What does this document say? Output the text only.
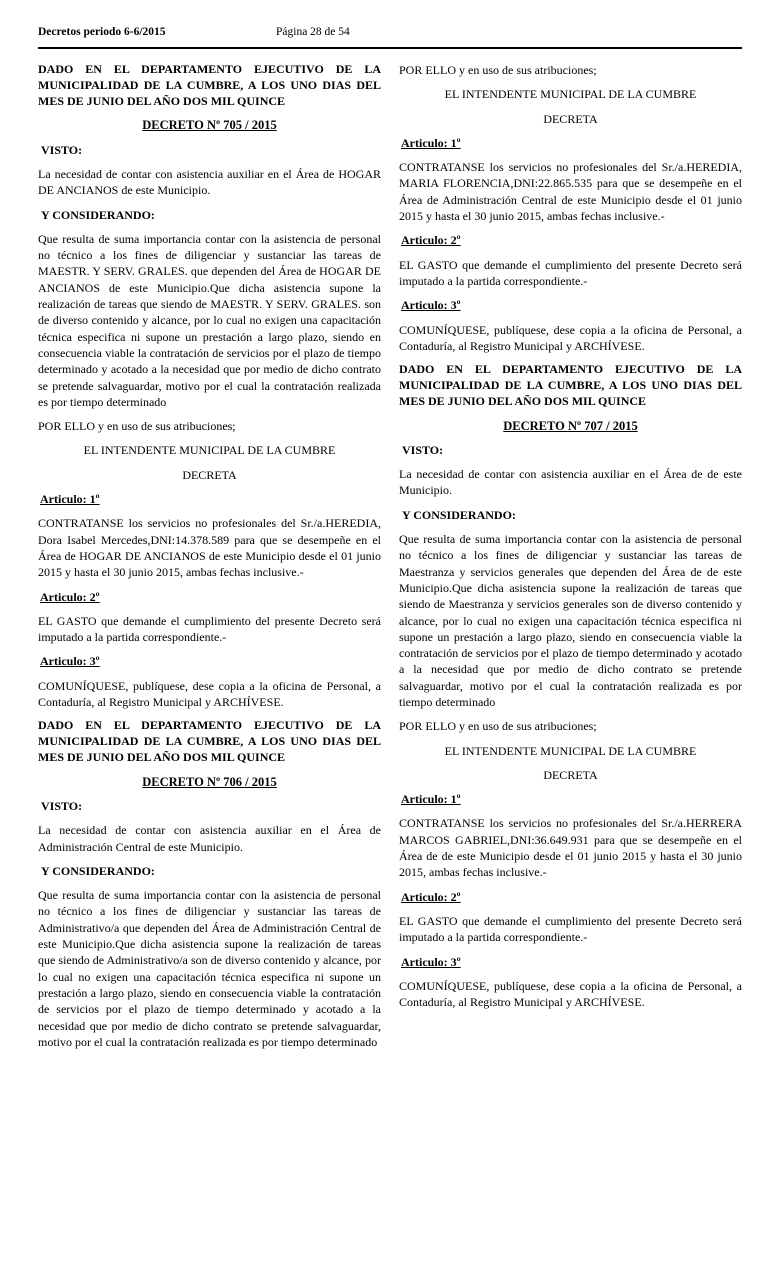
Decretos periodo 6-6/2015	Página 28 de 54

DADO EN EL DEPARTAMENTO EJECUTIVO DE LA MUNICIPALIDAD DE LA CUMBRE, A LOS UNO DIAS DEL MES DE JUNIO DEL AÑO DOS MIL QUINCE

DECRETO Nº 705 / 2015

VISTO:

La necesidad de contar con asistencia auxiliar en el Área de HOGAR DE ANCIANOS de este Municipio.

Y CONSIDERANDO:

Que resulta de suma importancia contar con la asistencia de personal no técnico a los fines de diligenciar y sustanciar las tareas de MAESTR. Y SERV. GRALES. que dependen del Área de HOGAR DE ANCIANOS de este Municipio.Que dicha asistencia supone la realización de tareas que siendo de MAESTR. Y SERV. GRALES. son de diverso contenido y alcance, por lo cual no exigen una capacitación técnica especifica ni supone un prestación a largo plazo, siendo en consecuencia viable la contratación de servicios por el plazo de tiempo determinado y acotado a la necesidad que por medio de dicho contrato se pretende salvaguardar, motivo por el cual la contratación realizada es por tiempo determinado

POR ELLO y en uso de sus atribuciones;

EL INTENDENTE MUNICIPAL DE LA CUMBRE

DECRETA

Articulo: 1º

CONTRATANSE los servicios no profesionales del Sr./a.HEREDIA, Dora Isabel Mercedes,DNI:14.378.589 para que se desempeñe en el Área de HOGAR DE ANCIANOS de este Municipio desde el 01 junio 2015 y hasta el 30 junio 2015, ambas fechas inclusive.-

Articulo: 2º

EL GASTO que demande el cumplimiento del presente Decreto será imputado a la partida correspondiente.-

Articulo: 3º

COMUNÍQUESE, publíquese, dese copia a la oficina de Personal, a Contaduría, al Registro Municipal y ARCHÍVESE.

DADO EN EL DEPARTAMENTO EJECUTIVO DE LA MUNICIPALIDAD DE LA CUMBRE, A LOS UNO DIAS DEL MES DE JUNIO DEL AÑO DOS MIL QUINCE

DECRETO Nº 706 / 2015

VISTO:

La necesidad de contar con asistencia auxiliar en el Área de Administración Central de este Municipio.

Y CONSIDERANDO:

Que resulta de suma importancia contar con la asistencia de personal no técnico a los fines de diligenciar y sustanciar las tareas de Administrativo/a que dependen del Área de Administración Central de este Municipio.Que dicha asistencia supone la realización de tareas que siendo de Administrativo/a son de diverso contenido y alcance, por lo cual no exigen una capacitación técnica especifica ni supone un prestación a largo plazo, siendo en consecuencia viable la contratación de servicios por el plazo de tiempo determinado y acotado a la necesidad que por medio de dicho contrato se pretende salvaguardar, motivo por el cual la contratación realizada es por tiempo determinado

POR ELLO y en uso de sus atribuciones;

EL INTENDENTE MUNICIPAL DE LA CUMBRE

DECRETA

Articulo: 1º

CONTRATANSE los servicios no profesionales del Sr./a.HEREDIA, MARIA FLORENCIA,DNI:22.865.535 para que se desempeñe en el Área de Administración Central de este Municipio desde el 01 junio 2015 y hasta el 30 junio 2015, ambas fechas inclusive.-

Articulo: 2º

EL GASTO que demande el cumplimiento del presente Decreto será imputado a la partida correspondiente.-

Articulo: 3º

COMUNÍQUESE, publíquese, dese copia a la oficina de Personal, a Contaduría, al Registro Municipal y ARCHÍVESE.

DADO EN EL DEPARTAMENTO EJECUTIVO DE LA MUNICIPALIDAD DE LA CUMBRE, A LOS UNO DIAS DEL MES DE JUNIO DEL AÑO DOS MIL QUINCE

DECRETO Nº 707 / 2015

VISTO:

La necesidad de contar con asistencia auxiliar en el Área de de este Municipio.

Y CONSIDERANDO:

Que resulta de suma importancia contar con la asistencia de personal no técnico a los fines de diligenciar y sustanciar las tareas de Maestranza y servicios generales que dependen del Área de de este Municipio.Que dicha asistencia supone la realización de tareas que siendo de Maestranza y servicios generales son de diverso contenido y alcance, por lo cual no exigen una capacitación técnica especifica ni supone un prestación a largo plazo, siendo en consecuencia viable la contratación de servicios por el plazo de tiempo determinado y acotado a la necesidad que por medio de dicho contrato se pretende salvaguardar, motivo por el cual la contratación realizada es por tiempo determinado

POR ELLO y en uso de sus atribuciones;

EL INTENDENTE MUNICIPAL DE LA CUMBRE

DECRETA

Articulo: 1º

CONTRATANSE los servicios no profesionales del Sr./a.HERRERA MARCOS GABRIEL,DNI:36.649.931 para que se desempeñe en el Área de de este Municipio desde el 01 junio 2015 y hasta el 30 junio 2015, ambas fechas inclusive.-

Articulo: 2º

EL GASTO que demande el cumplimiento del presente Decreto será imputado a la partida correspondiente.-

Articulo: 3º

COMUNÍQUESE, publíquese, dese copia a la oficina de Personal, a Contaduría, al Registro Municipal y ARCHÍVESE.
